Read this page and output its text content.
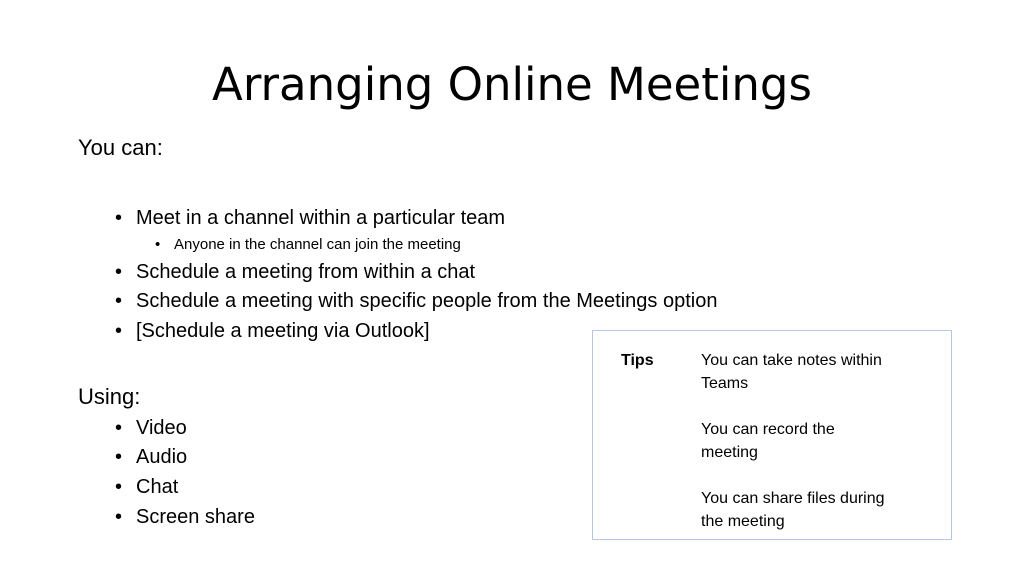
Arranging Online Meetings
You can:
• Meet in a channel within a particular team
• Anyone in the channel can join the meeting
• Schedule a meeting from within a chat
• Schedule a meeting with specific people from the Meetings option
• [Schedule a meeting via Outlook]
Using:
• Video
• Audio
• Chat
• Screen share
Tips	You can take notes within
Teams
You can record the
meeting
You can share files during
the meeting
